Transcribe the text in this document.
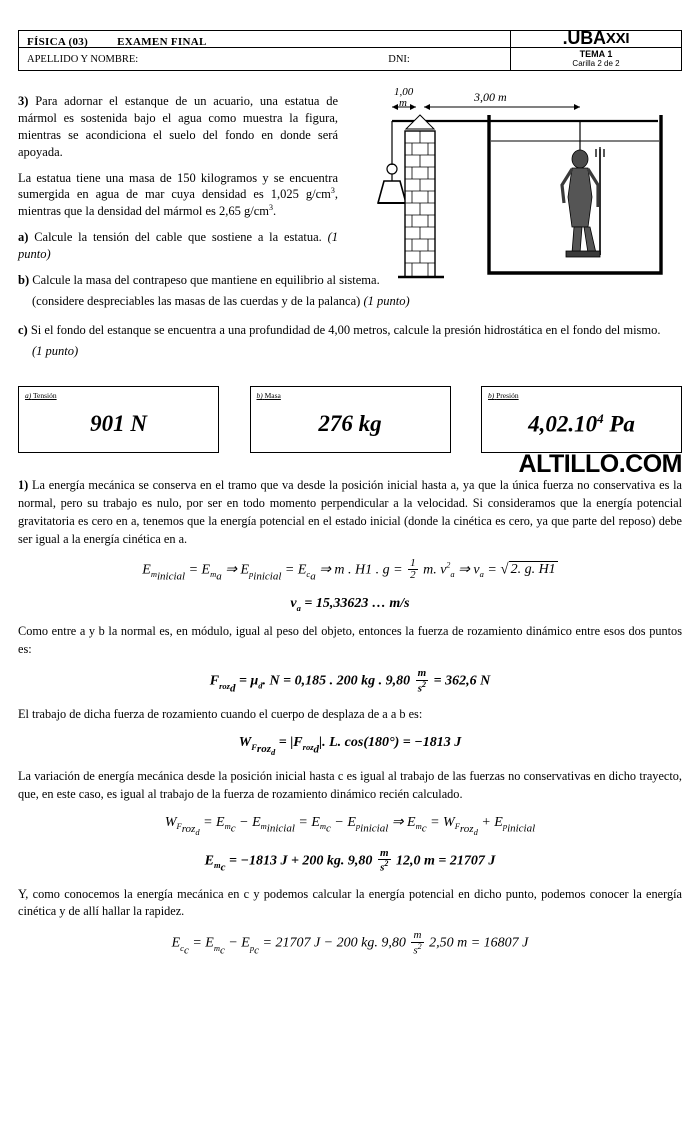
FÍSICA (03)	EXAMEN FINAL
APELLIDO Y NOMBRE:	DNI:
.UBA XXI
TEMA 1
Carilla 2 de 2

3) Para adornar el estanque de un acuario, una estatua de mármol es sostenida bajo el agua como muestra la figura, mientras se acondiciona el suelo del fondo en donde será apoyada.

La estatua tiene una masa de 150 kilogramos y se encuentra sumergida en agua de mar cuya densidad es 1,025 $g/cm^3$, mientras que la densidad del mármol es 2,65 $g/cm^3$.

a) Calcule la tensión del cable que sostiene a la estatua. (1 punto)

1,00
m	3,00 m

b) Calcule la masa del contrapeso que mantiene en equilibrio al sistema.

(considere despreciables las masas de las cuerdas y de la palanca) (1 punto)

c) Si el fondo del estanque se encuentra a una profundidad de 4,00 metros, calcule la presión hidrostática en el fondo del mismo.

(1 punto)

ALTILLO.COM
a) Tensión
901 N
b) Masa
276 kg
b) Presión
4,02.10$^4$ Pa

1) La energía mecánica se conserva en el tramo que va desde la posición inicial hasta a, ya que la única fuerza no conservativa es la normal, pero su trabajo es nulo, por ser en todo momento perpendicular a la velocidad. Si consideramos que la energía potencial gravitatoria es cero en a, tenemos que la energía potencial en el estado inicial (donde la cinética es cero, ya que parte del reposo) debe ser igual a la energía cinética en a.

$E_{m_{inicial}} = E_{m_a}$ ⇒ $E_{p_{inicial}} = E_{c_a}$ ⇒ m . H1 . $g = \frac{1}{2} m$. $v^2_a$ ⇒ $v_a$ = √ 2. g. H1
$v_a = 15,33623$ … m/s

Como entre a y b la normal es, en módulo, igual al peso del objeto, entonces la fuerza de rozamiento dinámico entre esos dos puntos es:

$F_{roz_d} = \mu_d$. N = 0,185 . 200 kg . $9,80 \frac{m}{s^2} = 362,6$ N

El trabajo de dicha fuerza de rozamiento cuando el cuerpo de desplaza de a a b es:

$W_{F_{roz_d}} = |F_{roz_d}|$. L. cos(180°) = −1813 J

La variación de energía mecánica desde la posición inicial hasta c es igual al trabajo de las fuerzas no conservativas en dicho trayecto, que, en este caso, es igual al trabajo de la fuerza de rozamiento dinámico recién calculado.

$W_{F_{roz_d}} = E_{m_c} - E_{m_{inicial}} = E_{m_c} - E_{p_{inicial}}$ ⇒ $E_{m_c} = W_{F_{roz_d}} + E_{p_{inicial}}$
$E_{m_c} = -1813$ J + 200 kg. $9,80 \frac{m}{s^2} 12,0$ m = 21707 J

Y, como conocemos la energía mecánica en c y podemos calcular la energía potencial en dicho punto, podemos conocer la energía cinética y de allí hallar la rapidez.

$E_{c_c} = E_{m_c} - E_{p_c} = 21707$ J − 200 kg. $9,80 \frac{m}{s^2} 2,50$ m = 16807 J
